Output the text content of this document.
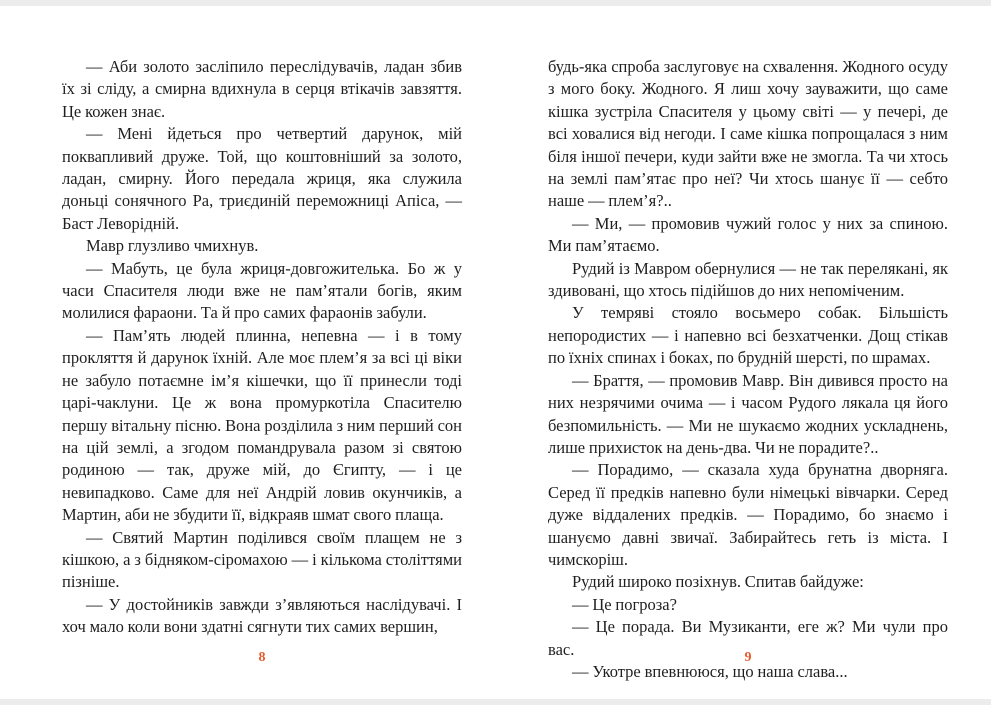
— Аби золото засліпило переслідувачів, ладан збив їх зі сліду, а смирна вдихнула в серця втікачів завзяття. Це кожен знає.

— Мені йдеться про четвертий дарунок, мій поквапливий друже. Той, що коштовніший за золото, ладан, смирну. Його передала жриця, яка служила доньці сонячного Ра, триєдиній переможниці Апіса, — Баст Леворідній.

Мавр глузливо чмихнув.

— Мабуть, це була жриця-довгожителька. Бо ж у часи Спасителя люди вже не пам’ятали богів, яким молилися фараони. Та й про самих фараонів забули.

— Пам’ять людей плинна, непевна — і в тому прокляття й дарунок їхній. Але моє плем’я за всі ці віки не забуло потаємне ім’я кішечки, що її принесли тоді царі-чаклуни. Це ж вона промуркотіла Спасителю першу вітальну пісню. Вона розділила з ним перший сон на цій землі, а згодом помандрувала разом зі святою родиною — так, друже мій, до Єгипту, — і це невипадково. Саме для неї Андрій ловив окунчиків, а Мартин, аби не збудити її, відкраяв шмат свого плаща.

— Святий Мартин поділився своїм плащем не з кішкою, а з бідняком-сіромахою — і кількома століттями пізніше.

— У достойників завжди з’являються наслідувачі. І хоч мало коли вони здатні сягнути тих самих вершин,

8

будь-яка спроба заслуговує на схвалення. Жодного осуду з мого боку. Жодного. Я лиш хочу зауважити, що саме кішка зустріла Спасителя у цьому світі — у печері, де всі ховалися від негоди. І саме кішка попрощалася з ним біля іншої печери, куди зайти вже не змогла. Та чи хтось на землі пам’ятає про неї? Чи хтось шанує її — себто наше — плем’я?..

— Ми, — промовив чужий голос у них за спиною. Ми пам’ятаємо.

Рудий із Мавром обернулися — не так перелякані, як здивовані, що хтось підійшов до них непоміченим.

У темряві стояло восьмеро собак. Більшість непородистих — і напевно всі безхатченки. Дощ стікав по їхніх спинах і боках, по брудній шерсті, по шрамах.

— Браття, — промовив Мавр. Він дивився просто на них незрячими очима — і часом Рудого лякала ця його безпомильність. — Ми не шукаємо жодних ускладнень, лише прихисток на день-два. Чи не порадите?..

— Порадимо, — сказала худа брунатна дворняга. Серед її предків напевно були німецькі вівчарки. Серед дуже віддалених предків. — Порадимо, бо знаємо і шануємо давні звичаї. Забирайтесь геть із міста. І чимскоріш.

Рудий широко позіхнув. Спитав байдуже:

— Це погроза?

— Це порада. Ви Музиканти, еге ж? Ми чули про вас.

— Укотре впевнююся, що наша слава...

9
